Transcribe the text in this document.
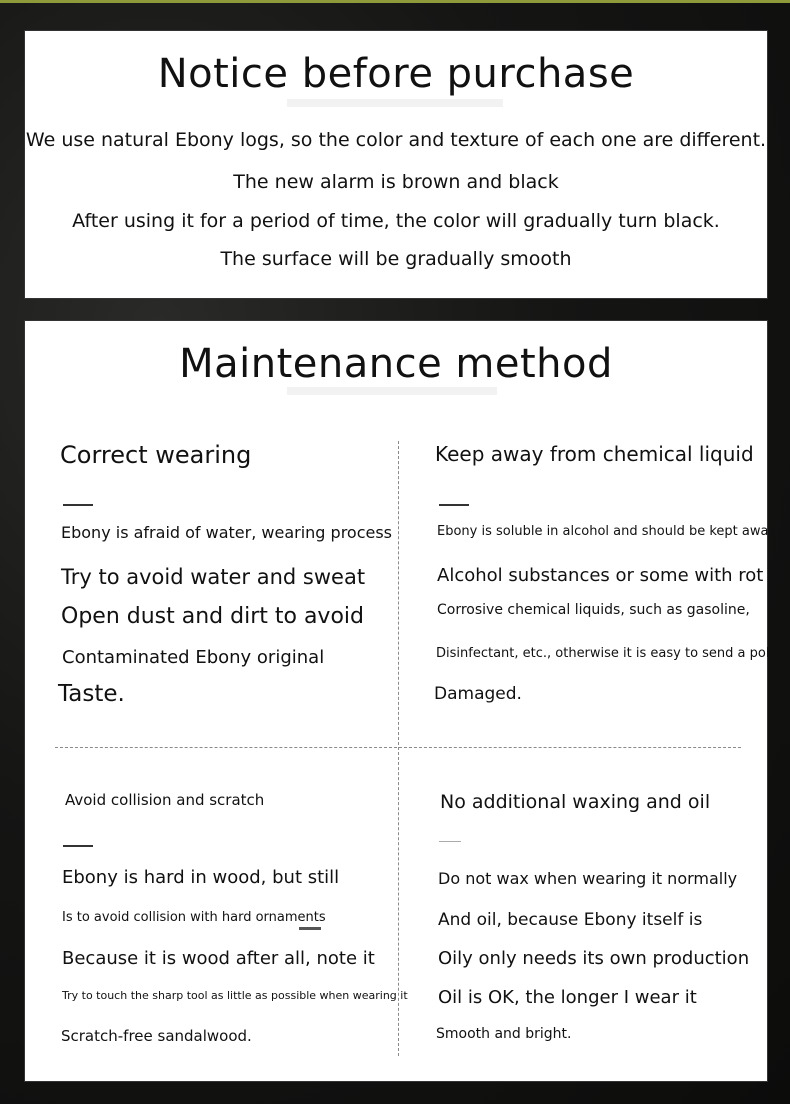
Notice before purchase
We use natural Ebony logs, so the color and texture of each one are different.
The new alarm is brown and black
After using it for a period of time, the color will gradually turn black.
The surface will be gradually smooth
Maintenance method
Correct wearing
Ebony is afraid of water, wearing process
Try to avoid water and sweat
Open dust and dirt to avoid
Contaminated Ebony original
Taste.
Keep away from chemical liquid
Ebony is soluble in alcohol and should be kept away
Alcohol substances or some with rot
Corrosive chemical liquids, such as gasoline,
Disinfectant, etc., otherwise it is easy to send a police
Damaged.
Avoid collision and scratch
Ebony is hard in wood, but still
Is to avoid collision with hard ornaments
Because it is wood after all, note it
Try to touch the sharp tool as little as possible when wearing it
Scratch-free sandalwood.
No additional waxing and oil
Do not wax when wearing it normally
And oil, because Ebony itself is
Oily only needs its own production
Oil is OK, the longer I wear it
Smooth and bright.
